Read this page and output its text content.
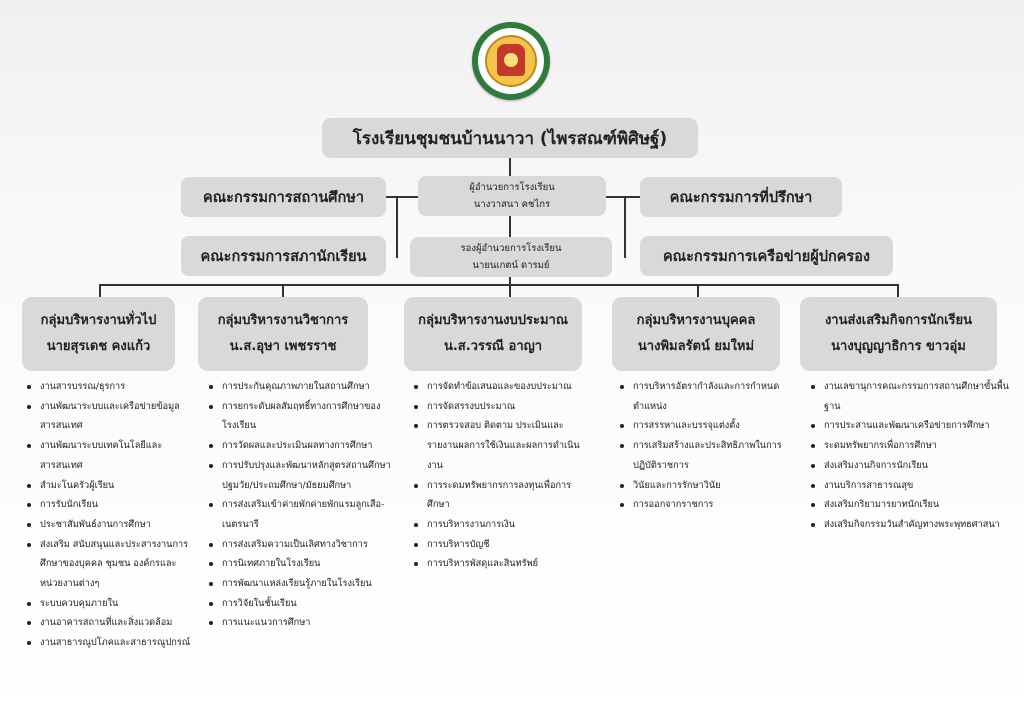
โรงเรียนชุมชนบ้านนาวา (ไพรสณฑ์พิศิษฐ์)
คณะกรรมการสถานศึกษา
คณะกรรมการสภานักเรียน
คณะกรรมการที่ปรึกษา
คณะกรรมการเครือข่ายผู้ปกครอง
ผู้อำนวยการโรงเรียน
นางวาสนา คชไกร
รองผู้อำนวยการโรงเรียน
นายนเกตน์ ดารมย์
กลุ่มบริหารงานทั่วไป
นายสุรเดช คงแก้ว
กลุ่มบริหารงานวิชาการ
น.ส.อุษา เพชรราช
กลุ่มบริหารงานงบประมาณ
น.ส.วรรณี อาญา
กลุ่มบริหารงานบุคคล
นางพิมลรัตน์ ยมใหม่
งานส่งเสริมกิจการนักเรียน
นางบุญญาธิการ ขาวอุ่ม
งานสารบรรณ/ธุรการ
งานพัฒนาระบบและเครือข่ายข้อมูล
สารสนเทศ
งานพัฒนาระบบเทคโนโลยีและ
สารสนเทศ
สำมะโนครัวผู้เรียน
การรับนักเรียน
ประชาสัมพันธ์งานการศึกษา
ส่งเสริม สนับสนุนและประสารงานการ
ศึกษาของบุคคล ชุมชน องค์กรและ
หน่วยงานต่างๆ
ระบบควบคุมภายใน
งานอาคารสถานที่และสิ่งแวดล้อม
งานสาธารณูปโภคและสาธารณูปกรณ์
การประกันคุณภาพภายในสถานศึกษา
การยกระดับผลสัมฤทธิ์ทางการศึกษาของ
โรงเรียน
การวัดผลและประเมินผลทางการศึกษา
การปรับปรุงและพัฒนาหลักสูตรสถานศึกษา
ปฐมวัย/ประถมศึกษา/มัธยมศึกษา
การส่งเสริมเข้าค่ายพักค่ายพักแรมลูกเสือ-
เนตรนารี
การส่งเสริมความเป็นเลิศทางวิชาการ
การนิเทศภายในโรงเรียน
การพัฒนาแหล่งเรียนรู้ภายในโรงเรียน
การวิจัยในชั้นเรียน
การแนะแนวการศึกษา
การจัดทำข้อเสนอและของบประมาณ
การจัดสรรงบประมาณ
การตรวจสอบ ติดตาม ประเมินและ
รายงานผลการใช้เงินและผลการดำเนิน
งาน
การระดมทรัพยากรการลงทุนเพื่อการ
ศึกษา
การบริหารงานการเงิน
การบริหารบัญชี
การบริหารพัสดุและสินทรัพย์
การบริหารอัตรากำลังและการกำหนด
ตำแหน่ง
การสรรหาและบรรจุแต่งตั้ง
การเสริมสร้างและประสิทธิภาพในการ
ปฏิบัติราชการ
วินัยและการรักษาวินัย
การออกจากราชการ
งานเลขานุการคณะกรรมการสถานศึกษาขั้นพื้น
ฐาน
การประสานและพัฒนาเครือข่ายการศึกษา
ระดมทรัพยากรเพื่อการศึกษา
ส่งเสริมงานกิจการนักเรียน
งานบริการสาธารณสุข
ส่งเสริมกริยามารยาทนักเรียน
ส่งเสริมกิจกรรมวันสำคัญทางพระพุทธศาสนา
